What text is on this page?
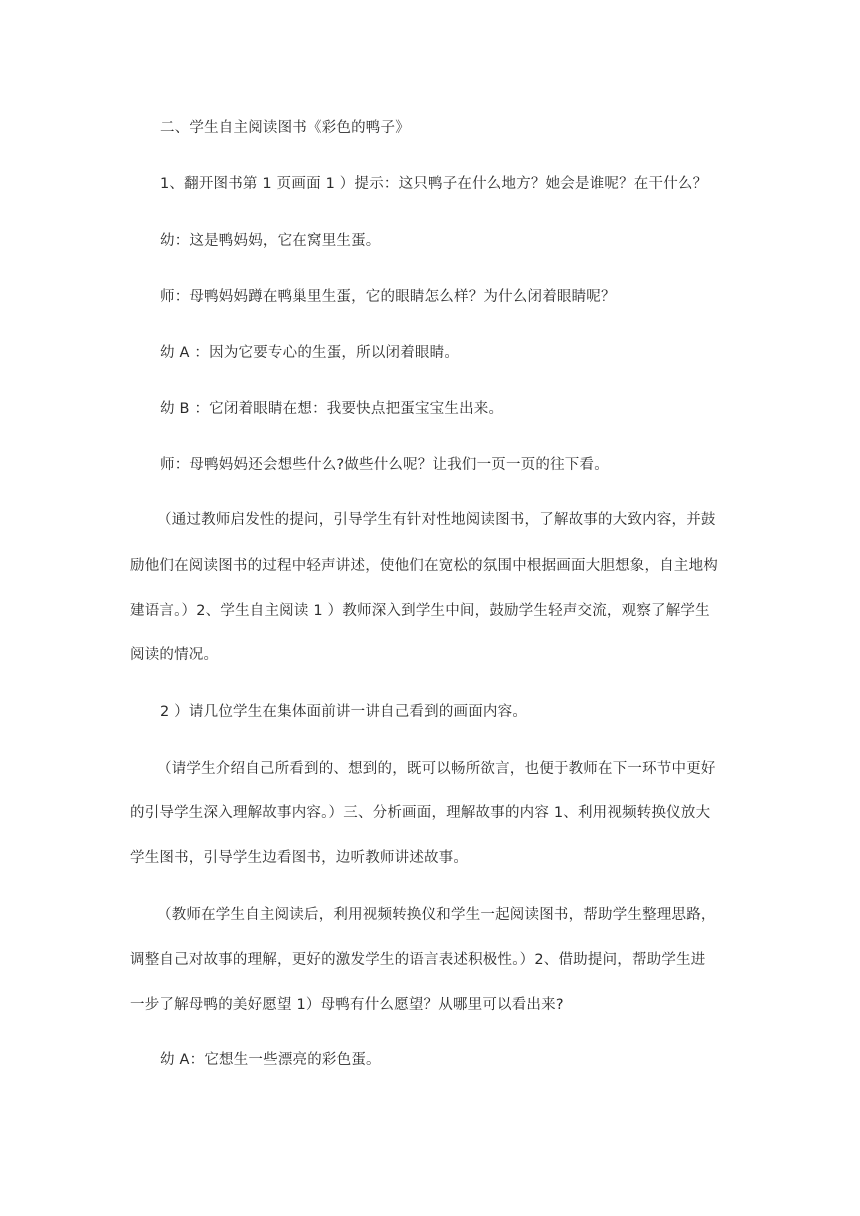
二、学生自主阅读图书《彩色的鸭子》
1、翻开图书第 1 页画面 1 ）提示：这只鸭子在什么地方？她会是谁呢？在干什么？
幼：这是鸭妈妈，它在窝里生蛋。
师：母鸭妈妈蹲在鸭巢里生蛋，它的眼睛怎么样？为什么闭着眼睛呢？
幼 A ：因为它要专心的生蛋，所以闭着眼睛。
幼 B ：它闭着眼睛在想：我要快点把蛋宝宝生出来。
师：母鸭妈妈还会想些什么?做些什么呢？让我们一页一页的往下看。
（通过教师启发性的提问，引导学生有针对性地阅读图书，了解故事的大致内容，并鼓
励他们在阅读图书的过程中轻声讲述，使他们在宽松的氛围中根据画面大胆想象，自主地构
建语言。）2、学生自主阅读 1 ）教师深入到学生中间，鼓励学生轻声交流，观察了解学生
阅读的情况。
2 ）请几位学生在集体面前讲一讲自己看到的画面内容。
（请学生介绍自己所看到的、想到的，既可以畅所欲言，也便于教师在下一环节中更好
的引导学生深入理解故事内容。）三、分析画面，理解故事的内容 1、利用视频转换仪放大
学生图书，引导学生边看图书，边听教师讲述故事。
（教师在学生自主阅读后，利用视频转换仪和学生一起阅读图书，帮助学生整理思路，
调整自己对故事的理解，更好的激发学生的语言表述积极性。）2、借助提问，帮助学生进
一步了解母鸭的美好愿望 1）母鸭有什么愿望？从哪里可以看出来?
幼 A：它想生一些漂亮的彩色蛋。
